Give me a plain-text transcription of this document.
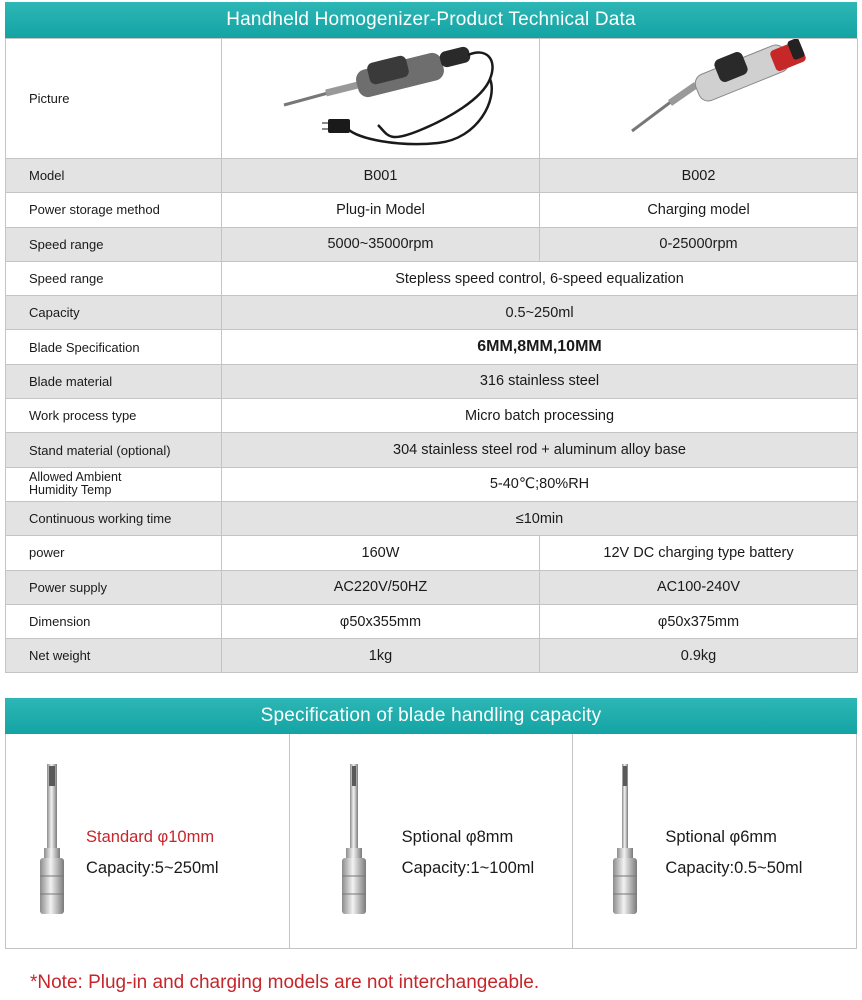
Handheld Homogenizer-Product Technical Data
Picture		
Model	B001	B002
Power storage method	Plug-in Model	Charging model
Speed range	5000~35000rpm	0-25000rpm
Speed range	Stepless speed control, 6-speed equalization	
Capacity	0.5~250ml	
Blade Specification	6MM,8MM,10MM	
Blade material	316 stainless steel	
Work process type	Micro batch processing	
Stand material (optional)	304 stainless steel rod + aluminum alloy base	

Allowed Ambient
Humidity Temp	5-40℃;80%RH	
Continuous working time	≤10min	
power	160W	12V DC charging type battery
Power supply	AC220V/50HZ	AC100-240V
Dimension	φ50x355mm	φ50x375mm
Net weight	1kg	0.9kg
Specification of blade handling capacity
Standard φ10mm
Capacity:5~250ml
Sptional φ8mm
Capacity:1~100ml
Sptional φ6mm
Capacity:0.5~50ml
*Note: Plug-in and charging models are not interchangeable.
